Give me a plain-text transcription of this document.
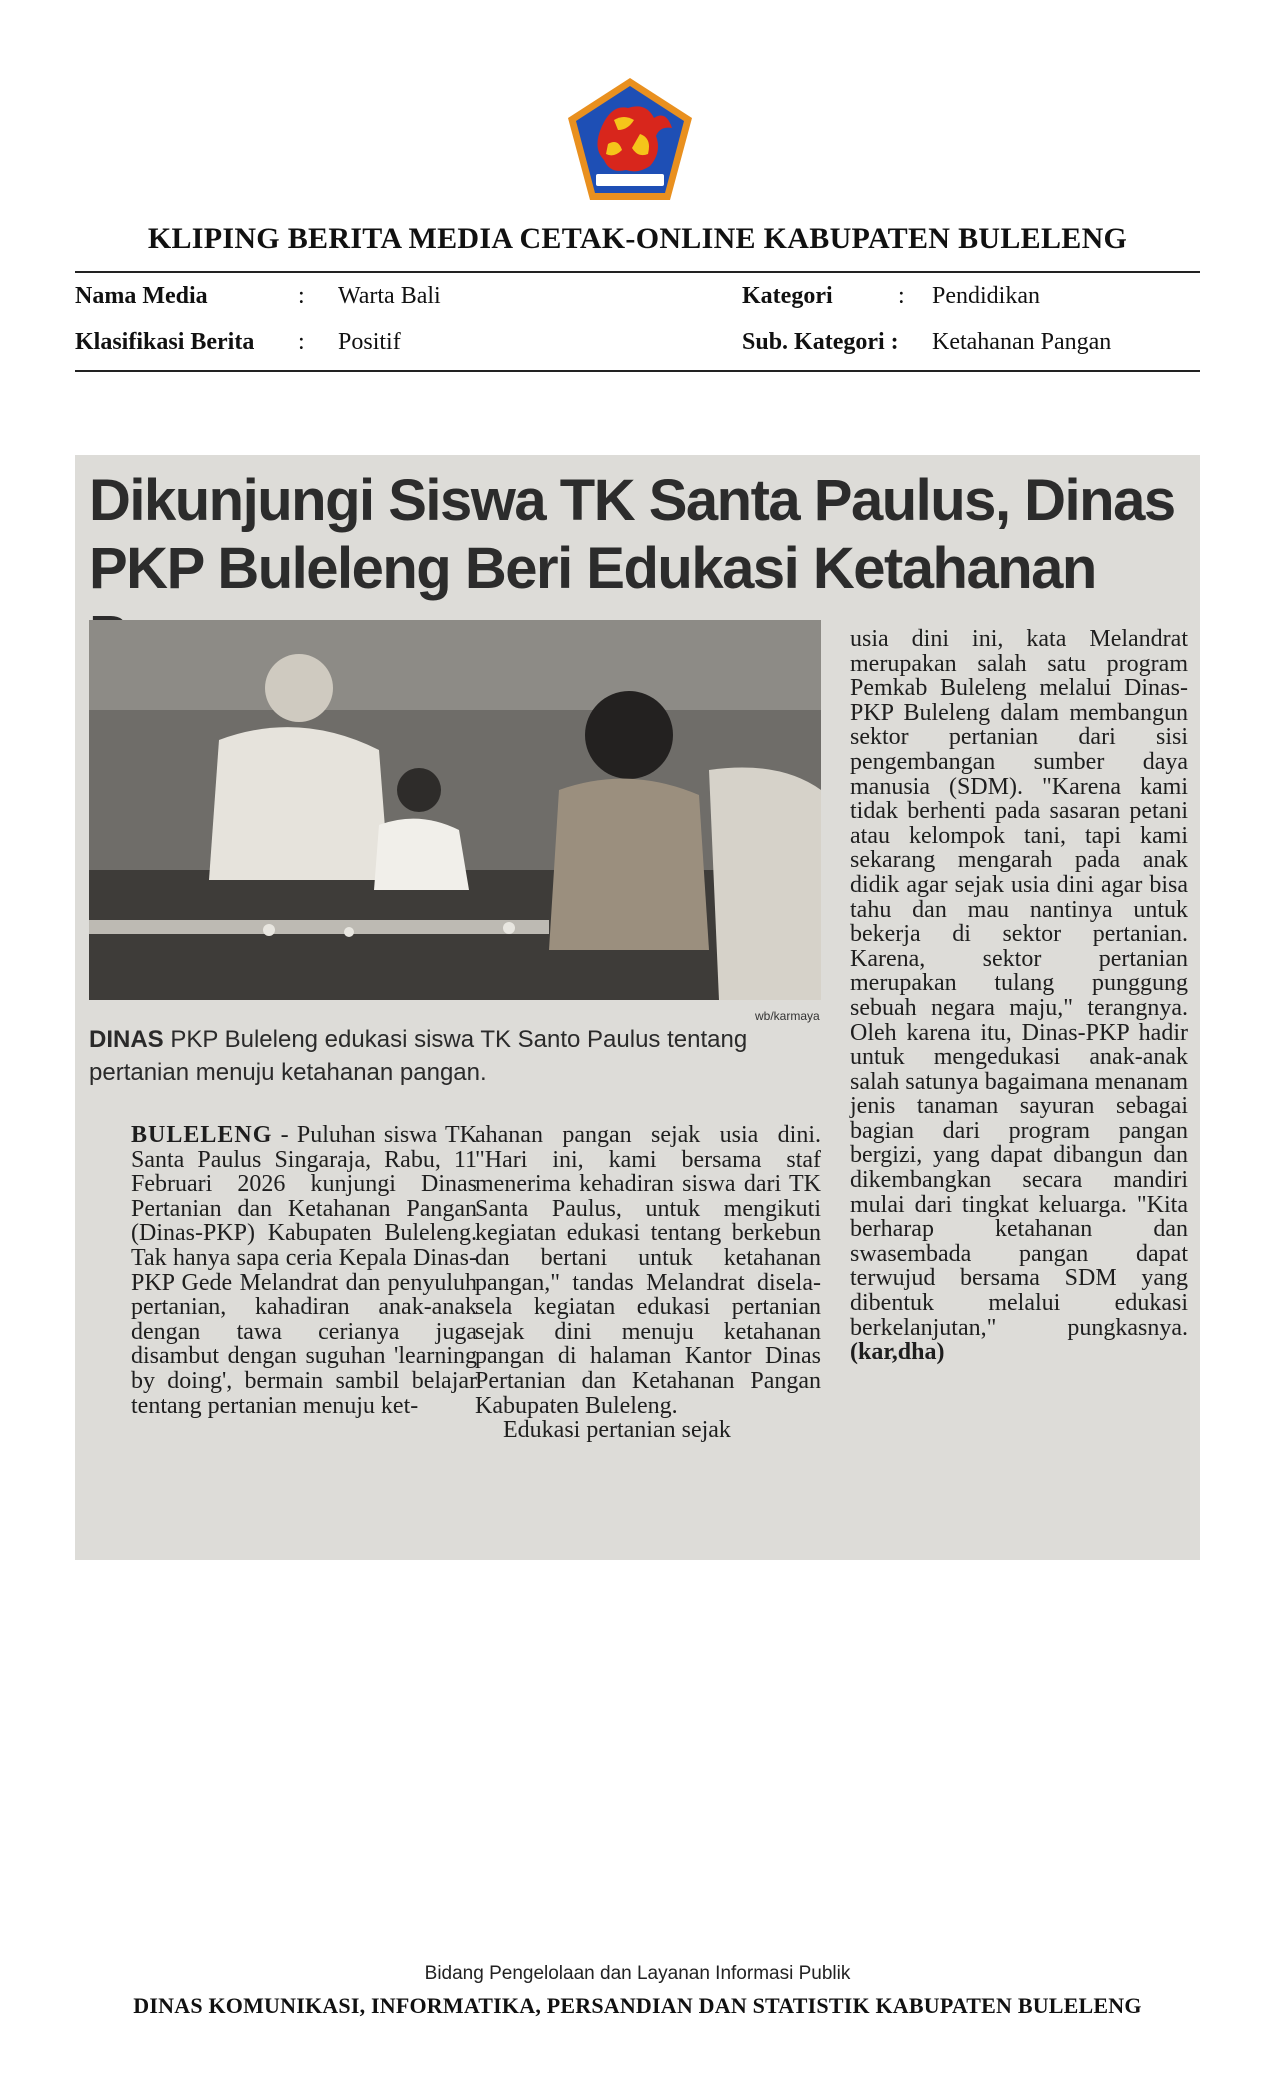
KLIPING BERITA MEDIA CETAK-ONLINE KABUPATEN BULELENG
Nama Media	: Warta Bali	Kategori	: Pendidikan
Klasifikasi Berita : Positif	Sub. Kategori : Ketahanan Pangan
Dikunjungi Siswa TK Santa Paulus, Dinas PKP Buleleng Beri Edukasi Ketahanan
wb/karmaya
DINAS PKP Buleleng edukasi siswa TK Santo Paulus tentang pertanian menuju ketahanan pangan.

BULELENG - Puluhan siswa TK Santa Paulus Singaraja, Rabu, 11 Februari 2026 kunjungi Dinas Pertanian dan Ketahanan Pangan (Dinas-PKP) Kabupaten Buleleng. Tak hanya sapa ceria Kepala Dinas-PKP Gede Melandrat dan penyuluh pertanian, kahadiran anak-anak dengan tawa cerianya juga disambut dengan suguhan 'learning by doing', bermain sambil belajar tentang pertanian menuju ket-

ahanan pangan sejak usia dini. "Hari ini, kami bersama staf menerima kehadiran siswa dari TK Santa Paulus, untuk mengikuti kegiatan edukasi tentang berkebun dan bertani untuk ketahanan pangan," tandas Melandrat disela-sela kegiatan edukasi pertanian sejak dini menuju ketahanan pangan di halaman Kantor Dinas Pertanian dan Ketahanan Pangan Kabupaten Buleleng.

Edukasi pertanian sejak

usia dini ini, kata Melandrat merupakan salah satu program Pemkab Buleleng melalui Dinas-PKP Buleleng dalam membangun sektor pertanian dari sisi pengembangan sumber daya manusia (SDM). "Karena kami tidak berhenti pada sasaran petani atau kelompok tani, tapi kami sekarang mengarah pada anak didik agar sejak usia dini agar bisa tahu dan mau nantinya untuk bekerja di sektor pertanian. Karena, sektor pertanian merupakan tulang punggung sebuah negara maju," terangnya. Oleh karena itu, Dinas-PKP hadir untuk mengedukasi anak-anak salah satunya bagaimana menanam jenis tanaman sayuran sebagai bagian dari program pangan bergizi, yang dapat dibangun dan dikembangkan secara mandiri mulai dari tingkat keluarga. "Kita berharap ketahanan dan swasembada pangan dapat terwujud bersama SDM yang dibentuk melalui edukasi berkelanjutan," pungkasnya. (kar,dha)

Bidang Pengelolaan dan Layanan Informasi Publik
DINAS KOMUNIKASI, INFORMATIKA, PERSANDIAN DAN STATISTIK KABUPATEN BULELENG
